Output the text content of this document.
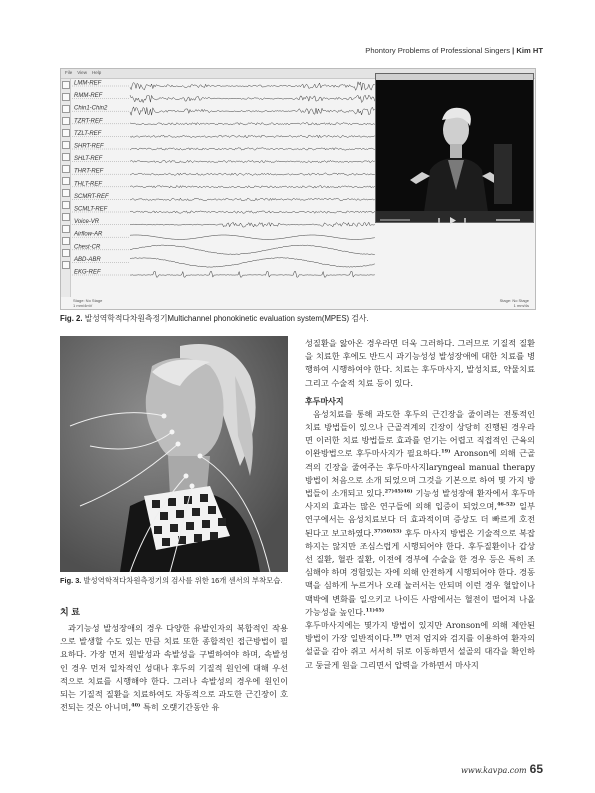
Phontory Problems of Professional Singers | Kim HT
File View Help
LMM-REF
RMM-REF
Chin1-Chin2
TZRT-REF
TZLT-REF
SHRT-REF
SHLT-REF
THRT-REF
THLT-REF
SCMRT-REF
SCMLT-REF
Voice-VR
Airflow-AR
Chest-CR
ABD-ABR
EKG-REF
Stage: No Stage
1 mm/4mV
Stage: No Stage
1 mm/4s
Fig. 2. 발성역학적다차원측정기Multichannel phonokinetic evaluation system(MPES) 검사.
Fig. 3. 발성역학적다차원측정기의 검사를 위한 16개 센서의 부착모습.
치 료

과기능성 발성장애의 경우 다양한 유발인자의 복합적인 작용으로 발생할 수도 있는 만큼 치료 또한 종합적인 접근방법이 필요하다. 가장 먼저 원발성과 속발성을 구별하여야 하며, 속발성인 경우 먼저 일차적인 성대나 후두의 기질적 원인에 대해 우선적으로 치료를 시행해야 한다. 그러나 속발성의 경우에 원인이 되는 기질적 질환을 치료하여도 자동적으로 과도한 근긴장이 호전되는 것은 아니며,$^{40)}$ 특히 오랫기간동안 유

성질환을 앓아온 경우라면 더욱 그러하다. 그러므로 기질적 질환을 치료한 후에도 반드시 과기능성성 발성장애에 대한 치료를 병행하여 시행하여야 한다. 치료는 후두마사지, 발성치료, 약물치료 그리고 수술적 치료 등이 있다.

후두마사지

음성치료를 통해 과도한 후두의 근긴장을 줄이려는 전통적인 치료 방법들이 있으나 근골격계의 긴장이 상당히 진행된 경우라면 이러한 치료 방법들로 효과를 얻기는 어렵고 직접적인 근육의 이완방법으로 후두마사지가 필요하다.$^{19)}$ Aronson에 의해 근골격의 긴장을 줄여주는 후두마사지laryngeal manual therapy 방법이 처음으로 소개 되었으며 그것을 기본으로 하여 몇 가지 방법들이 소개되고 있다.$^{27)45)46)}$ 기능성 발성장애 환자에서 후두마사지의 효과는 많은 연구들에 의해 입증이 되었으며,$^{46-52)}$ 일부 연구에서는 음성치료보다 더 효과적이며 증상도 더 빠르게 호전된다고 보고하였다.$^{37)50)53)}$ 후두 마사지 방법은 기술적으로 복잡하지는 않지만 조심스럽게 시행되어야 한다. 후두질환이나 갑상선 질환, 혈관 질환, 이전에 경부에 수술을 한 경우 등은 특히 조심해야 하며 경험있는 자에 의해 안전하게 시행되어야 한다. 경동맥을 심하게 누르거나 오래 눌러서는 안되며 이런 경우 혈압이나 맥박에 변화를 일으키고 나이든 사람에서는 혈전이 떨어져 나올 가능성을 높인다.$^{11)45)}$

후두마사지에는 몇가지 방법이 있지만 Aronson에 의해 제안된 방법이 가장 일반적이다.$^{19)}$ 먼저 엄지와 검지를 이용하여 환자의 설골을 감아 쥐고 서서히 뒤로 이동하면서 설골의 대각을 확인하고 둥글게 원을 그리면서 압력을 가하면서 마사지

www.kavpa.com 65
